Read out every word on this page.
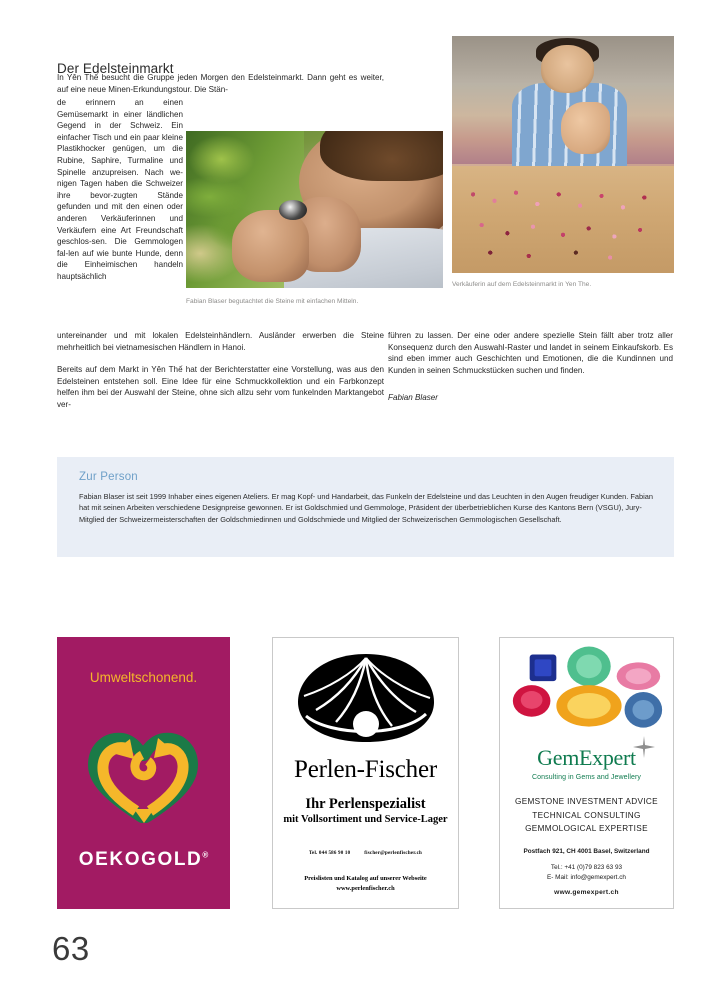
Der Edelsteinmarkt
In Yên Thế besucht die Gruppe jeden Morgen den Edelsteinmarkt. Dann geht es weiter, auf eine neue Minen-Erkundungstour. Die Stän-

de erinnern an einen Gemüsemarkt in einer ländlichen Gegend in der Schweiz. Ein einfacher Tisch und ein paar kleine Plastikhocker genügen, um die Rubine, Saphire, Turmaline und Spinelle anzupreisen. Nach we-nigen Tagen haben die Schweizer ihre bevor-zugten Stände gefunden und mit den einen oder anderen Verkäuferinnen und Verkäufern eine Art Freundschaft geschlos-sen. Die Gemmologen fal-len auf wie bunte Hunde, denn die Einheimischen handeln hauptsächlich

untereinander und mit lokalen Edelsteinhändlern. Ausländer erwerben die Steine mehrheitlich bei vietnamesischen Händlern in Hanoi.

Bereits auf dem Markt in Yên Thế hat der Berichterstatter eine Vorstellung, was aus den Edelsteinen entstehen soll. Eine Idee für eine Schmuckkollektion und ein Farbkonzept helfen ihm bei der Auswahl der Steine, ohne sich allzu sehr vom funkelnden Marktangebot ver-

führen zu lassen. Der eine oder andere spezielle Stein fällt aber trotz aller Konsequenz durch den Auswahl-Raster und landet in seinem Einkaufskorb. Es sind eben immer auch Geschichten und Emotionen, die die Kundinnen und Kunden in seinen Schmuckstücken suchen und finden.

Fabian Blaser

Fabian Blaser begutachtet die Steine mit einfachen Mitteln.
Verkäuferin auf dem Edelsteinmarkt in Yen The.
Zur Person
Fabian Blaser ist seit 1999 Inhaber eines eigenen Ateliers. Er mag Kopf- und Handarbeit, das Funkeln der Edelsteine und das Leuchten in den Augen freudiger Kunden. Fabian hat mit seinen Arbeiten verschiedene Designpreise gewonnen. Er ist Goldschmied und Gemmologe, Präsident der überbetrieblichen Kurse des Kantons Bern (VSGU), Jury-Mitglied der Schweizermeisterschaften der Goldschmiedinnen und Goldschmiede und Mitglied der Schweizerischen Gemmologischen Gesellschaft.
Umweltschonend.
OEKOGOLD®
Perlen-Fischer
Ihr Perlenspezialist
mit Vollsortiment und Service-Lager
Tel. 044 586 90 10	fischer@perlenfischer.ch
Preislisten und Katalog auf unserer Webseite
www.perlenfischer.ch
GemExpert
Consulting in Gems and Jewellery
GEMSTONE INVESTMENT ADVICE
TECHNICAL CONSULTING
GEMMOLOGICAL EXPERTISE
Postfach 921, CH 4001 Basel, Switzerland
Tel.: +41 (0)79 823 63 93
E- Mail: info@gemexpert.ch
www.gemexpert.ch
63
